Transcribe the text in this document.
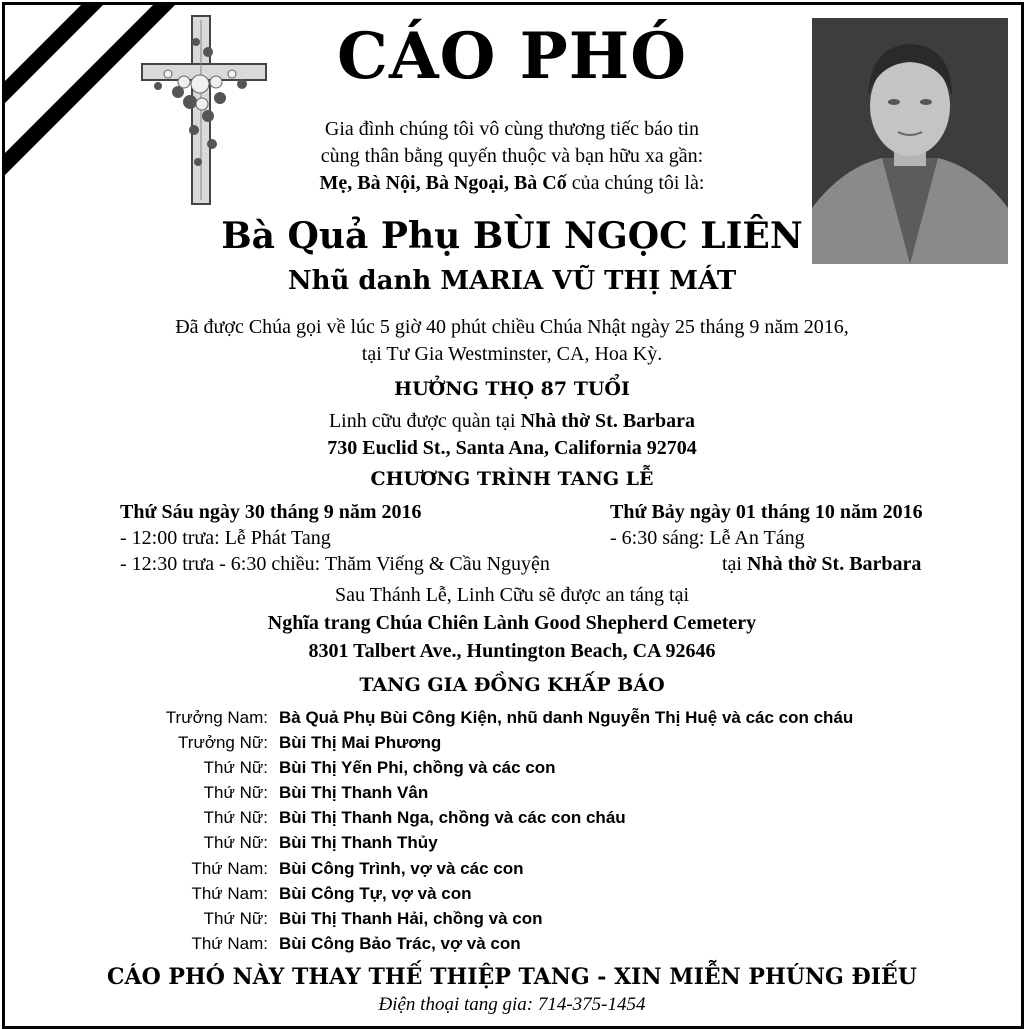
CÁO PHÓ
Gia đình chúng tôi vô cùng thương tiếc báo tin
cùng thân bằng quyến thuộc và bạn hữu xa gần:
Mẹ, Bà Nội, Bà Ngoại, Bà Cố của chúng tôi là:
Bà Quả Phụ BÙI NGỌC LIÊN
Nhũ danh MARIA VŨ THỊ MÁT
Đã được Chúa gọi về lúc 5 giờ 40 phút chiều Chúa Nhật ngày 25 tháng 9 năm 2016,
tại Tư Gia Westminster, CA, Hoa Kỳ.
HƯỞNG THỌ 87 TUỔI
Linh cữu được quàn tại Nhà thờ St. Barbara
730 Euclid St., Santa Ana, California 92704
CHƯƠNG TRÌNH TANG LỄ
Thứ Sáu ngày 30 tháng 9 năm 2016
- 12:00 trưa: Lễ Phát Tang
- 12:30 trưa - 6:30 chiều: Thăm Viếng & Cầu Nguyện
Thứ Bảy ngày 01 tháng 10 năm 2016
- 6:30 sáng: Lễ An Táng
tại Nhà thờ St. Barbara
Sau Thánh Lễ, Linh Cữu sẽ được an táng tại
Nghĩa trang Chúa Chiên Lành Good Shepherd Cemetery
8301 Talbert Ave., Huntington Beach, CA 92646
TANG GIA ĐỒNG KHẤP BÁO
Trưởng Nam: Bà Quả Phụ Bùi Công Kiện, nhũ danh Nguyễn Thị Huệ và các con cháu
Trưởng Nữ: Bùi Thị Mai Phương
Thứ Nữ: Bùi Thị Yến Phi, chồng và các con
Thứ Nữ: Bùi Thị Thanh Vân
Thứ Nữ: Bùi Thị Thanh Nga, chồng và các con cháu
Thứ Nữ: Bùi Thị Thanh Thủy
Thứ Nam: Bùi Công Trình, vợ và các con
Thứ Nam: Bùi Công Tự, vợ và con
Thứ Nữ: Bùi Thị Thanh Hải, chồng và con
Thứ Nam: Bùi Công Bảo Trác, vợ và con
CÁO PHÓ NÀY THAY THẾ THIỆP TANG - XIN MIỄN PHÚNG ĐIẾU
Điện thoại tang gia: 714-375-1454
